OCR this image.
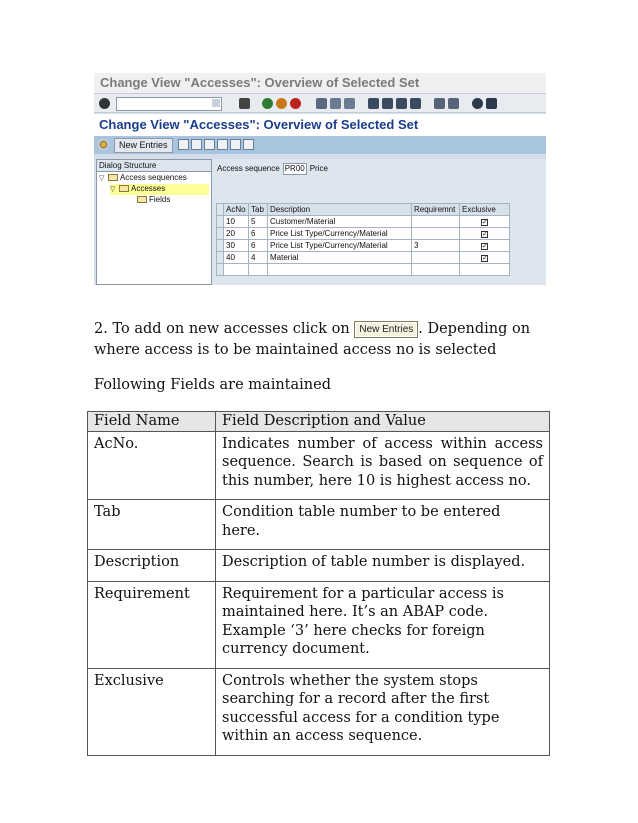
Change View "Accesses": Overview of Selected Set
Change View "Accesses": Overview of Selected Set
New Entries
Dialog Structure
▽ Access sequences
▽ Accesses
Fields
Access sequence PR00 Price
	AcNo	Tab	Description	Requiremnt	Exclusive
	10	5	Customer/Material		✓
	20	6	Price List Type/Currency/Material		✓
	30	6	Price List Type/Currency/Material	3	✓
	40	4	Material		✓

2. To add on new accesses click on New Entries . Depending on

where access is to be maintained access no is selected

Following Fields are maintained

Field Name	Field Description and Value
AcNo.	Indicates number of access within access sequence. Search is based on sequence of this number, here 10 is highest access no.
Tab	Condition table number to be entered here.
Description	Description of table number is displayed.
Requirement	Requirement for a particular access is maintained here. It’s an ABAP code. Example ‘3’ here checks for foreign currency document.
Exclusive	Controls whether the system stops searching for a record after the first successful access for a condition type within an access sequence.
